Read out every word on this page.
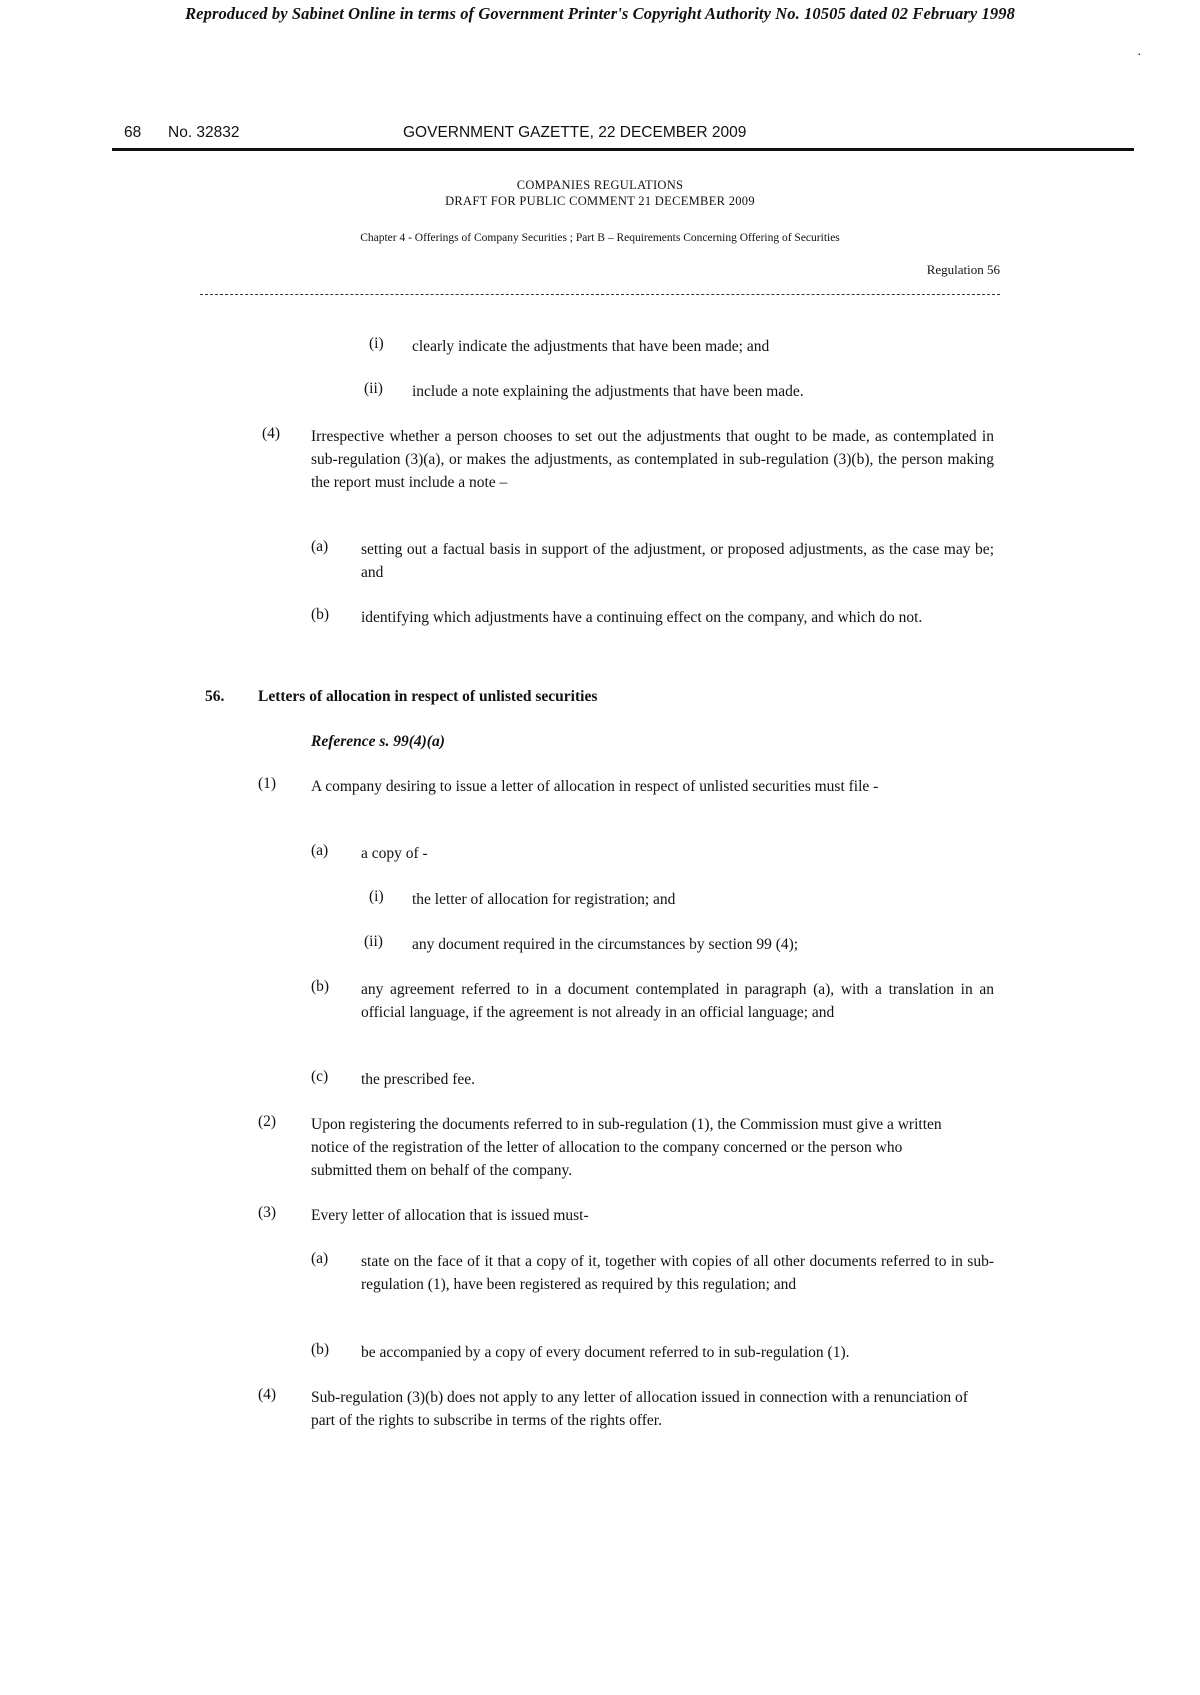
Reproduced by Sabinet Online in terms of Government Printer's Copyright Authority No. 10505 dated 02 February 1998
·
68 No. 32832	GOVERNMENT GAZETTE, 22 DECEMBER 2009
COMPANIES REGULATIONS
DRAFT FOR PUBLIC COMMENT 21 DECEMBER 2009
Chapter 4 - Offerings of Company Securities ; Part B – Requirements Concerning Offering of Securities
Regulation 56
(i) clearly indicate the adjustments that have been made; and
(ii) include a note explaining the adjustments that have been made.
(4) Irrespective whether a person chooses to set out the adjustments that ought to be made, as contemplated in sub-regulation (3)(a), or makes the adjustments, as contemplated in sub-regulation (3)(b), the person making the report must include a note –
(a) setting out a factual basis in support of the adjustment, or proposed adjustments, as the case may be; and
(b) identifying which adjustments have a continuing effect on the company, and which do not.
56. Letters of allocation in respect of unlisted securities
Reference s. 99(4)(a)
(1) A company desiring to issue a letter of allocation in respect of unlisted securities must file -
(a) a copy of -
(i) the letter of allocation for registration; and
(ii) any document required in the circumstances by section 99 (4);
(b) any agreement referred to in a document contemplated in paragraph (a), with a translation in an official language, if the agreement is not already in an official language; and
(c) the prescribed fee.
(2) Upon registering the documents referred to in sub-regulation (1), the Commission must give a written notice of the registration of the letter of allocation to the company concerned or the person who submitted them on behalf of the company.
(3) Every letter of allocation that is issued must-
(a) state on the face of it that a copy of it, together with copies of all other documents referred to in sub-regulation (1), have been registered as required by this regulation; and
(b) be accompanied by a copy of every document referred to in sub-regulation (1).
(4) Sub-regulation (3)(b) does not apply to any letter of allocation issued in connection with a renunciation of part of the rights to subscribe in terms of the rights offer.
